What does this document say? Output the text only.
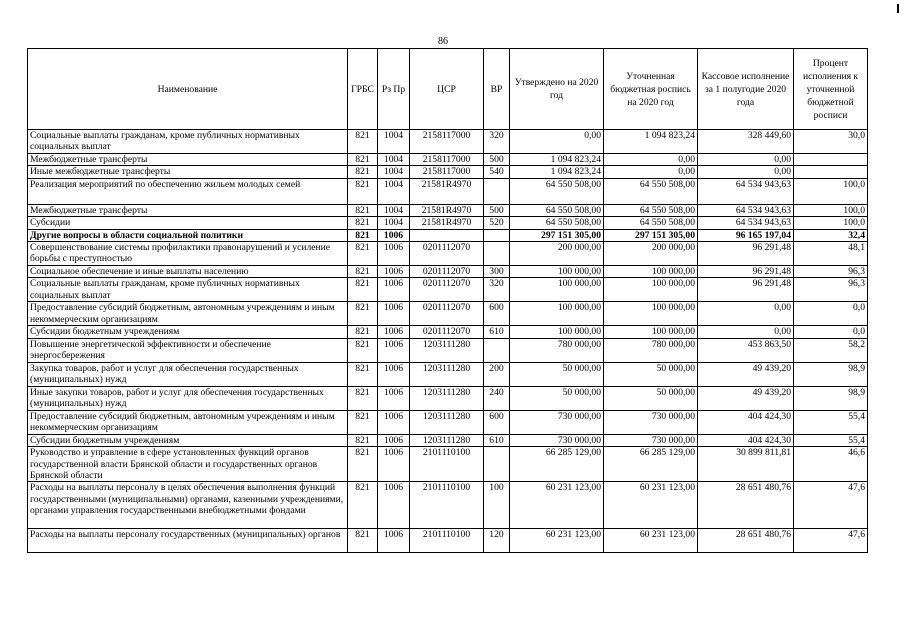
86
Наименование	ГРБС	Рз Пр	ЦСР	ВР	Утверждено на 2020 год	Уточненная бюджетная роспись на 2020 год	Кассовое исполнение за 1 полугодие 2020 года	Процент исполнения к уточненной бюджетной росписи
Социальные выплаты гражданам, кроме публичных нормативных социальных выплат	821	1004	2158117000	320	0,00	1 094 823,24	328 449,60	30,0
Межбюджетные трансферты	821	1004	2158117000	500	1 094 823,24	0,00	0,00	
Иные межбюджетные трансферты	821	1004	2158117000	540	1 094 823,24	0,00	0,00	
Реализация мероприятий по обеспечению жильем молодых семей	821	1004	21581R4970		64 550 508,00	64 550 508,00	64 534 943,63	100,0
Межбюджетные трансферты	821	1004	21581R4970	500	64 550 508,00	64 550 508,00	64 534 943,63	100,0
Субсидии	821	1004	21581R4970	520	64 550 508,00	64 550 508,00	64 534 943,63	100,0
Другие вопросы в области социальной политики	821	1006			297 151 305,00	297 151 305,00	96 165 197,04	32,4
Совершенствование системы профилактики правонарушений и усиление борьбы с преступностью	821	1006	0201112070		200 000,00	200 000,00	96 291,48	48,1
Социальное обеспечение и иные выплаты населению	821	1006	0201112070	300	100 000,00	100 000,00	96 291,48	96,3
Социальные выплаты гражданам, кроме публичных нормативных социальных выплат	821	1006	0201112070	320	100 000,00	100 000,00	96 291,48	96,3
Предоставление субсидий бюджетным, автономным учреждениям и иным некоммерческим организациям	821	1006	0201112070	600	100 000,00	100 000,00	0,00	0,0
Субсидии бюджетным учреждениям	821	1006	0201112070	610	100 000,00	100 000,00	0,00	0,0
Повышение энергетической эффективности и обеспечение энергосбережения	821	1006	1203111280		780 000,00	780 000,00	453 863,50	58,2
Закупка товаров, работ и услуг для обеспечения государственных (муниципальных) нужд	821	1006	1203111280	200	50 000,00	50 000,00	49 439,20	98,9
Иные закупки товаров, работ и услуг для обеспечения государственных (муниципальных) нужд	821	1006	1203111280	240	50 000,00	50 000,00	49 439,20	98,9
Предоставление субсидий бюджетным, автономным учреждениям и иным некоммерческим организациям	821	1006	1203111280	600	730 000,00	730 000,00	404 424,30	55,4
Субсидии бюджетным учреждениям	821	1006	1203111280	610	730 000,00	730 000,00	404 424,30	55,4
Руководство и управление в сфере установленных функций органов государственной власти Брянской области и государственных органов Брянской области	821	1006	2101110100		66 285 129,00	66 285 129,00	30 899 811,81	46,6
Расходы на выплаты персоналу в целях обеспечения выполнения функций государственными (муниципальными) органами, казенными учреждениями, органами управления государственными внебюджетными фондами	821	1006	2101110100	100	60 231 123,00	60 231 123,00	28 651 480,76	47,6
Расходы на выплаты персоналу государственных (муниципальных) органов	821	1006	2101110100	120	60 231 123,00	60 231 123,00	28 651 480,76	47,6
